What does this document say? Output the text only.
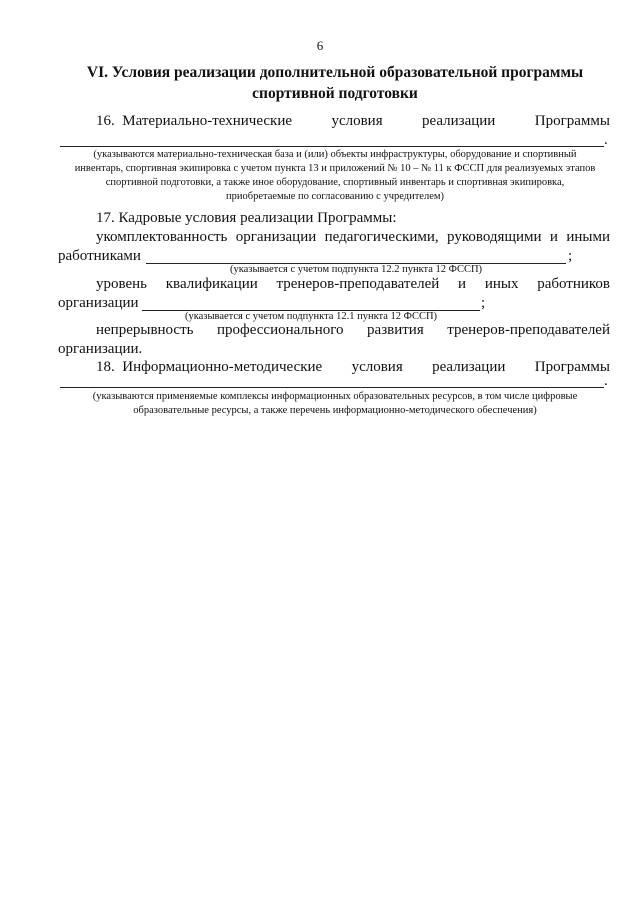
6
VI. Условия реализации дополнительной образовательной программы
спортивной подготовки
16. Материально-технические	условия	реализации	Программы
.
(указываются материально-техническая база и (или) объекты инфраструктуры, оборудование и спортивный
инвентарь, спортивная экипировка с учетом пункта 13 и приложений № 10 – № 11 к ФССП для реализуемых этапов
спортивной подготовки, а также иное оборудование, спортивный инвентарь и спортивная экипировка,
приобретаемые по согласованию с учредителем)
17. Кадровые условия реализации Программы:
укомплектованность организации педагогическими, руководящими и иными
работниками	;
(указывается с учетом подпункта 12.2 пункта 12 ФССП)
уровень квалификации тренеров-преподавателей и иных работников
организации	;
(указывается с учетом подпункта 12.1 пункта 12 ФССП)
непрерывность профессионального развития тренеров-преподавателей
организации.
18. Информационно-методические условия реализации Программы
.
(указываются применяемые комплексы информационных образовательных ресурсов, в том числе цифровые
образовательные ресурсы, а также перечень информационно-методического обеспечения)
